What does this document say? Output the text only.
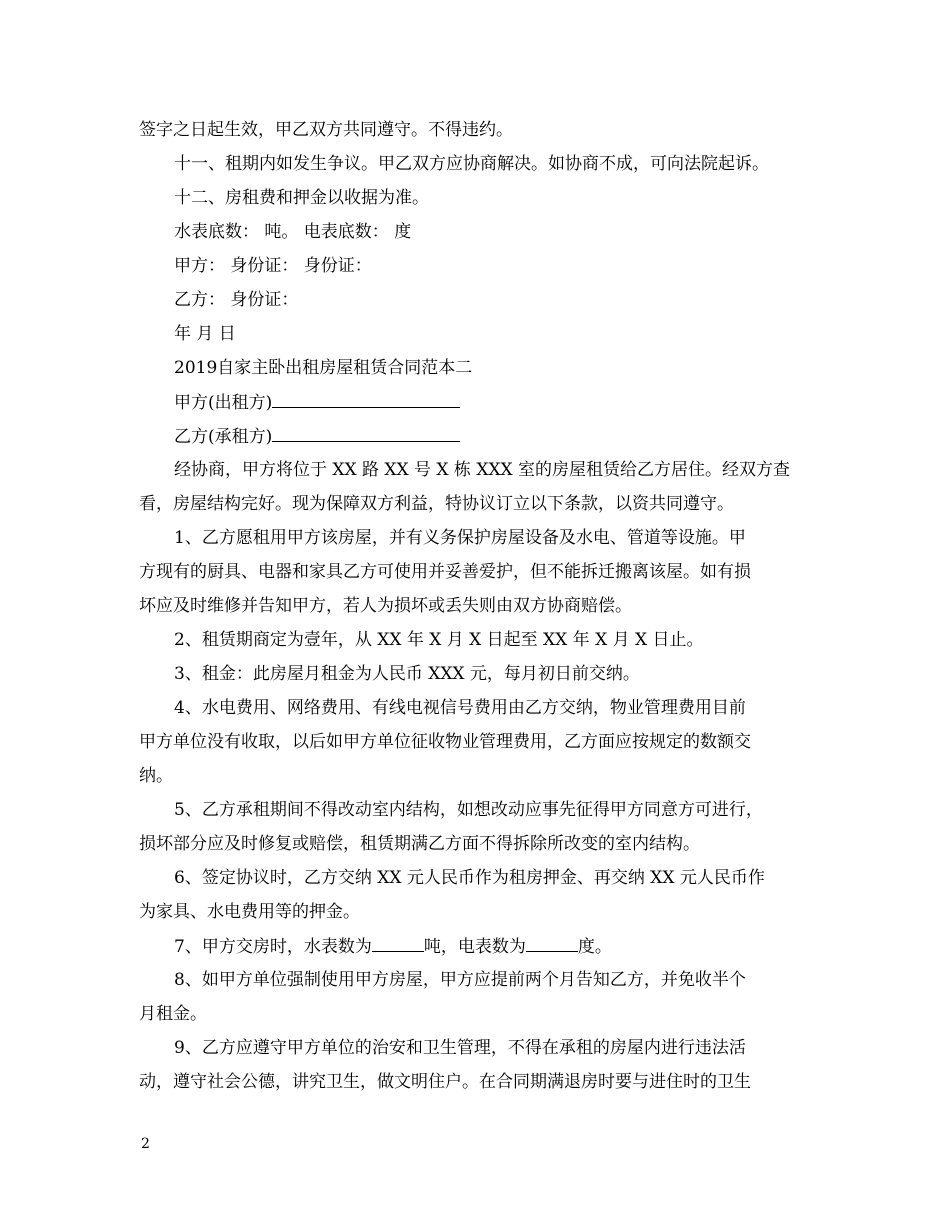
签字之日起生效，甲乙双方共同遵守。不得违约。
十一、租期内如发生争议。甲乙双方应协商解决。如协商不成，可向法院起诉。
十二、房租费和押金以收据为准。
水表底数： 吨。 电表底数： 度
甲方： 身份证： 身份证：
乙方： 身份证：
年 月 日
2019自家主卧出租房屋租赁合同范本二
甲方(出租方)
乙方(承租方)
经协商，甲方将位于 XX 路 XX 号 X 栋 XXX 室的房屋租赁给乙方居住。经双方查
看，房屋结构完好。现为保障双方利益，特协议订立以下条款，以资共同遵守。
1、乙方愿租用甲方该房屋，并有义务保护房屋设备及水电、管道等设施。甲
方现有的厨具、电器和家具乙方可使用并妥善爱护，但不能拆迁搬离该屋。如有损
坏应及时维修并告知甲方，若人为损坏或丢失则由双方协商赔偿。
2、租赁期商定为壹年，从 XX 年 X 月 X 日起至 XX 年 X 月 X 日止。
3、租金：此房屋月租金为人民币 XXX 元，每月初日前交纳。
4、水电费用、网络费用、有线电视信号费用由乙方交纳，物业管理费用目前
甲方单位没有收取，以后如甲方单位征收物业管理费用，乙方面应按规定的数额交
纳。
5、乙方承租期间不得改动室内结构，如想改动应事先征得甲方同意方可进行，
损坏部分应及时修复或赔偿，租赁期满乙方面不得拆除所改变的室内结构。
6、签定协议时，乙方交纳 XX 元人民币作为租房押金、再交纳 XX 元人民币作
为家具、水电费用等的押金。
7、甲方交房时，水表数为	吨，电表数为	度。
8、如甲方单位强制使用甲方房屋，甲方应提前两个月告知乙方，并免收半个
月租金。
9、乙方应遵守甲方单位的治安和卫生管理，不得在承租的房屋内进行违法活
动，遵守社会公德，讲究卫生，做文明住户。在合同期满退房时要与进住时的卫生
2
